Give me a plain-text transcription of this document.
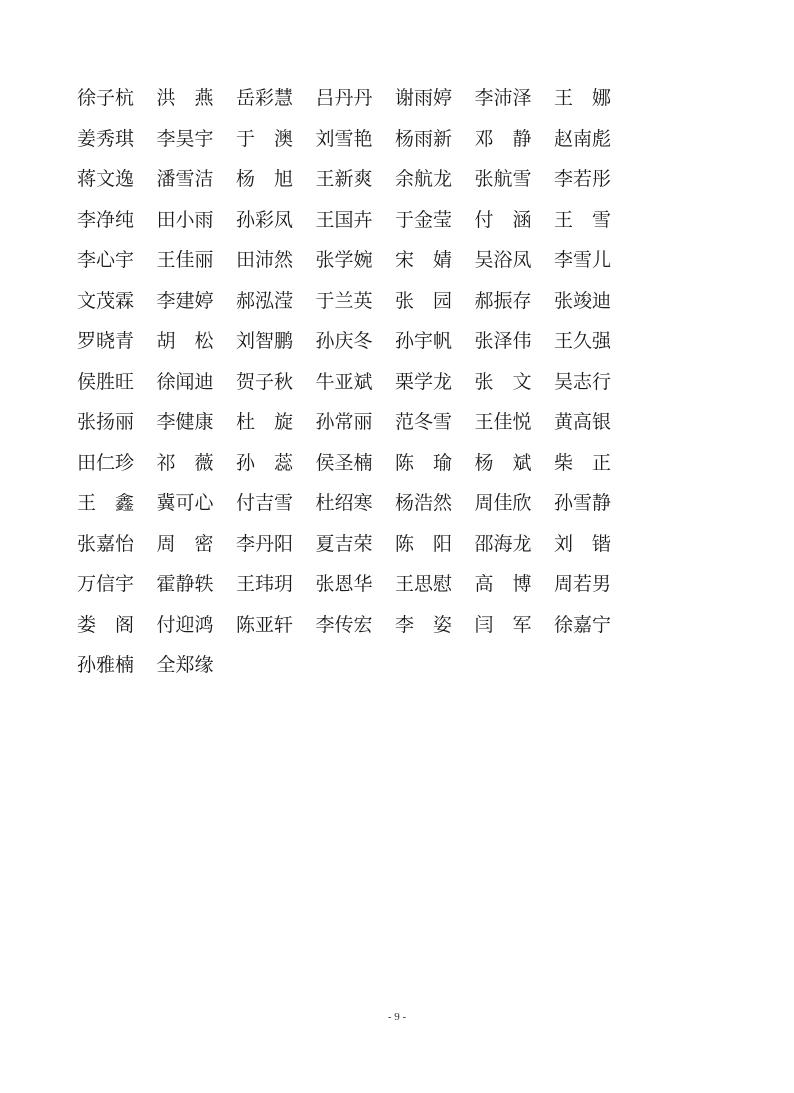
徐子杭	洪　燕	岳彩慧	吕丹丹	谢雨婷	李沛泽	王　娜
姜秀琪	李昊宇	于　澳	刘雪艳	杨雨新	邓　静	赵南彪
蒋文逸	潘雪洁	杨　旭	王新爽	余航龙	张航雪	李若彤
李净纯	田小雨	孙彩凤	王国卉	于金莹	付　涵	王　雪
李心宇	王佳丽	田沛然	张学婉	宋　婧	吴浴凤	李雪儿
文茂霖	李建婷	郝泓滢	于兰英	张　园	郝振存	张竣迪
罗晓青	胡　松	刘智鹏	孙庆冬	孙宇帆	张泽伟	王久强
侯胜旺	徐闻迪	贺子秋	牛亚斌	栗学龙	张　文	吴志行
张扬丽	李健康	杜　旋	孙常丽	范冬雪	王佳悦	黄高银
田仁珍	祁　薇	孙　蕊	侯圣楠	陈　瑜	杨　斌	柴　正
王　鑫	冀可心	付吉雪	杜绍寒	杨浩然	周佳欣	孙雪静
张嘉怡	周　密	李丹阳	夏吉荣	陈　阳	邵海龙	刘　锴
万信宇	霍静轶	王玮玥	张恩华	王思慰	高　博	周若男
娄　阁	付迎鸿	陈亚轩	李传宏	李　姿	闫　军	徐嘉宁
孙雅楠	全郑缘
- 9 -
